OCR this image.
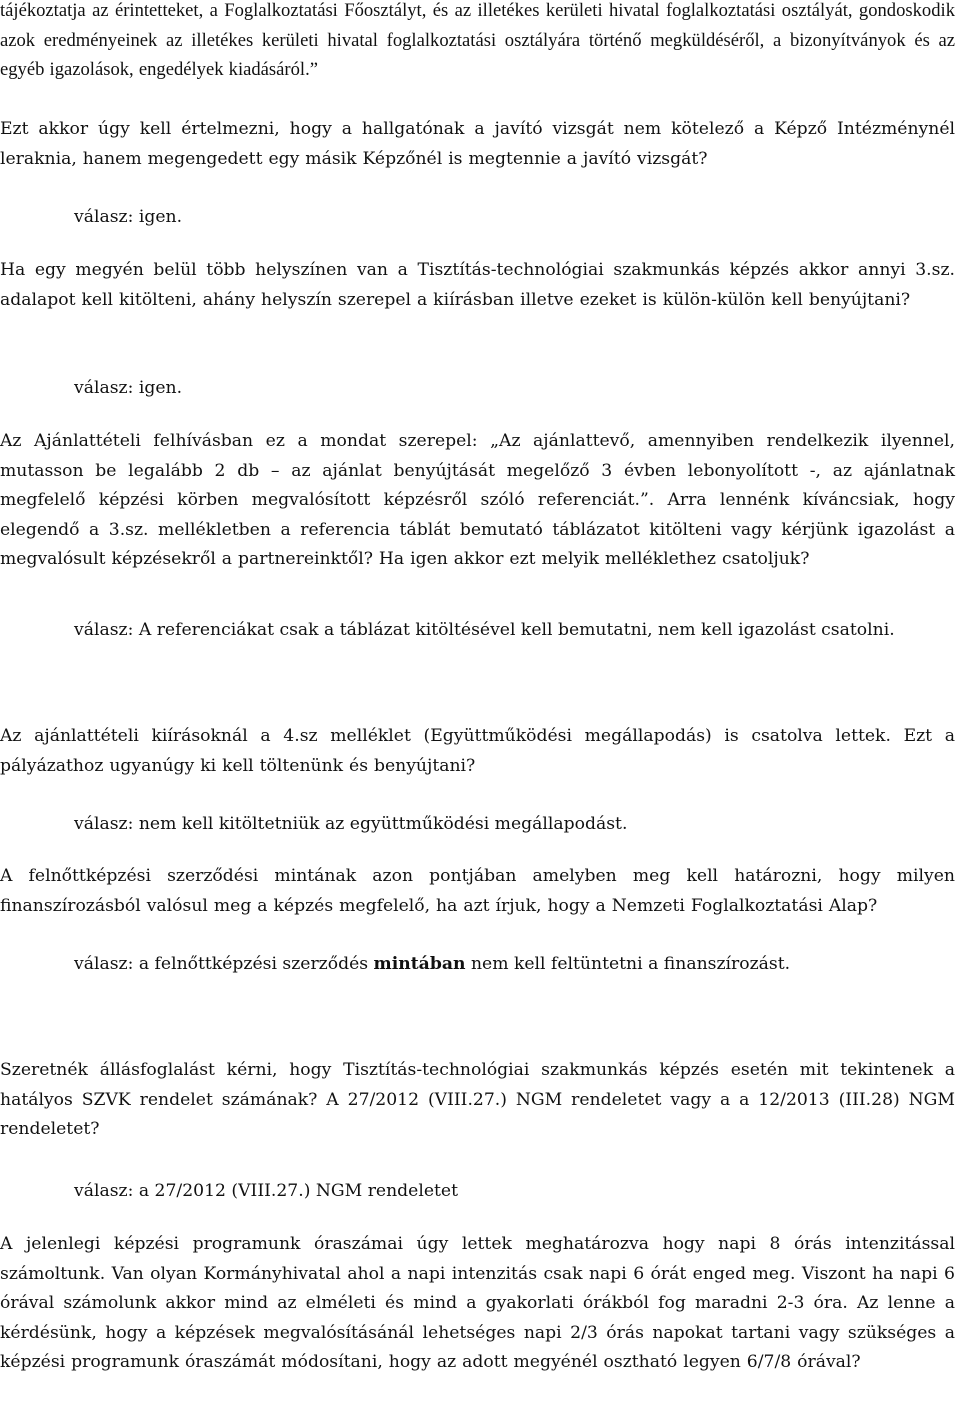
tájékoztatja az érintetteket, a Foglalkoztatási Főosztályt, és az illetékes kerületi hivatal foglalkoztatási osztályát, gondoskodik azok eredményeinek az illetékes kerületi hivatal foglalkoztatási osztályára történő megküldéséről, a bizonyítványok és az egyéb igazolások, engedélyek kiadásáról.”

Ezt akkor úgy kell értelmezni, hogy a hallgatónak a javító vizsgát nem kötelező a Képző Intézménynél leraknia, hanem megengedett egy másik Képzőnél is megtennie a javító vizsgát?

válasz: igen.

Ha egy megyén belül több helyszínen van a Tisztítás-technológiai szakmunkás képzés akkor annyi 3.sz. adalapot kell kitölteni, ahány helyszín szerepel a kiírásban illetve ezeket is külön-külön kell benyújtani?

válasz: igen.

Az Ajánlattételi felhívásban ez a mondat szerepel: „Az ajánlattevő, amennyiben rendelkezik ilyennel, mutasson be legalább 2 db – az ajánlat benyújtását megelőző 3 évben lebonyolított -, az ajánlatnak megfelelő képzési körben megvalósított képzésről szóló referenciát.”. Arra lennénk kíváncsiak, hogy elegendő a 3.sz. mellékletben a referencia táblát bemutató táblázatot kitölteni vagy kérjünk igazolást a megvalósult képzésekről a partnereinktől? Ha igen akkor ezt melyik melléklethez csatoljuk?

válasz: A referenciákat csak a táblázat kitöltésével kell bemutatni, nem kell igazolást csatolni.

Az ajánlattételi kiírásoknál a 4.sz melléklet (Együttműködési megállapodás) is csatolva lettek. Ezt a pályázathoz ugyanúgy ki kell töltenünk és benyújtani?

válasz: nem kell kitöltetniük az együttműködési megállapodást.

A felnőttképzési szerződési mintának azon pontjában amelyben meg kell határozni, hogy milyen finanszírozásból valósul meg a képzés megfelelő, ha azt írjuk, hogy a Nemzeti Foglalkoztatási Alap?

válasz: a felnőttképzési szerződés mintában nem kell feltüntetni a finanszírozást.

Szeretnék állásfoglalást kérni, hogy Tisztítás-technológiai szakmunkás képzés esetén mit tekintenek a hatályos SZVK rendelet számának? A 27/2012 (VIII.27.) NGM rendeletet vagy a a 12/2013 (III.28) NGM rendeletet?

válasz: a 27/2012 (VIII.27.) NGM rendeletet

A jelenlegi képzési programunk óraszámai úgy lettek meghatározva hogy napi 8 órás intenzitással számoltunk. Van olyan Kormányhivatal ahol a napi intenzitás csak napi 6 órát enged meg. Viszont ha napi 6 órával számolunk akkor mind az elméleti és mind a gyakorlati órákból fog maradni 2-3 óra. Az lenne a kérdésünk, hogy a képzések megvalósításánál lehetséges napi 2/3 órás napokat tartani vagy szükséges a képzési programunk óraszámát módosítani, hogy az adott megyénél osztható legyen 6/7/8 órával?
